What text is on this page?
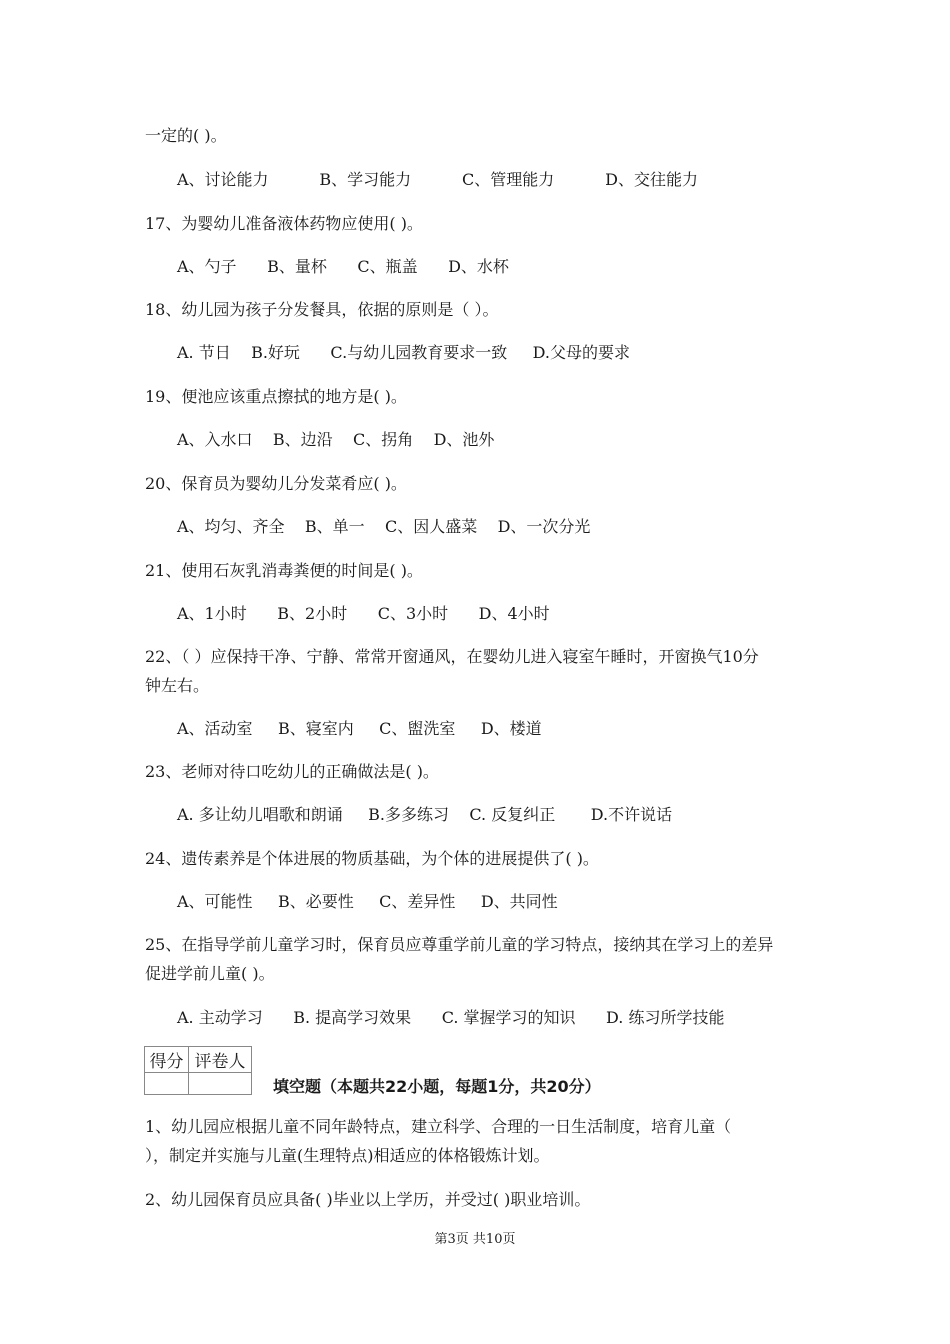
一定的( )。
A、讨论能力          B、学习能力          C、管理能力          D、交往能力
17、为婴幼儿准备液体药物应使用( )。
A、勺子      B、量杯      C、瓶盖      D、水杯
18、幼儿园为孩子分发餐具，依据的原则是（ ）。
A. 节日    B.好玩      C.与幼儿园教育要求一致     D.父母的要求
19、便池应该重点擦拭的地方是( )。
A、入水口    B、边沿    C、拐角    D、池外
20、保育员为婴幼儿分发菜肴应( )。
A、均匀、齐全    B、单一    C、因人盛菜    D、一次分光
21、使用石灰乳消毒粪便的时间是( )。
A、1小时      B、2小时      C、3小时      D、4小时
22、（ ）应保持干净、宁静、常常开窗通风，在婴幼儿进入寝室午睡时，开窗换气10分
钟左右。
A、活动室     B、寝室内     C、盥洗室     D、楼道
23、老师对待口吃幼儿的正确做法是( )。
A. 多让幼儿唱歌和朗诵     B.多多练习    C. 反复纠正       D.不许说话
24、遗传素养是个体进展的物质基础，为个体的进展提供了( )。
A、可能性     B、必要性     C、差异性     D、共同性
25、在指导学前儿童学习时，保育员应尊重学前儿童的学习特点，接纳其在学习上的差异
促进学前儿童( )。
A. 主动学习      B. 提高学习效果      C. 掌握学习的知识      D. 练习所学技能
得分	评卷人

填空题（本题共22小题，每题1分，共20分）
1、幼儿园应根据儿童不同年龄特点，建立科学、合理的一日生活制度，培育儿童（
），制定并实施与儿童(生理特点)相适应的体格锻炼计划。
2、幼儿园保育员应具备( )毕业以上学历，并受过( )职业培训。
第3页 共10页
